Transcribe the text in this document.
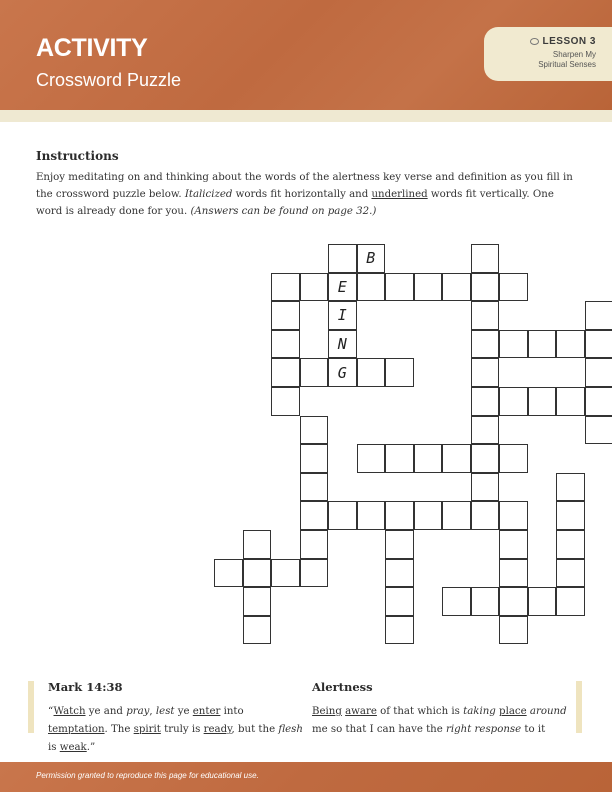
ACTIVITY
Crossword Puzzle
LESSON 3
Sharpen My
Spiritual Senses
Instructions

Enjoy meditating on and thinking about the words of the alertness key verse and definition as you fill in the crossword puzzle below. Italicized words fit horizontally and underlined words fit vertically. One word is already done for you. (Answers can be found on page 32.)

B
E
I
N
G
Mark 14:38

“Watch ye and pray, lest ye enter into temptation. The spirit truly is ready, but the flesh is weak.”

Alertness

Being aware of that which is taking place around me so that I can have the right response to it

Permission granted to reproduce this page for educational use.
